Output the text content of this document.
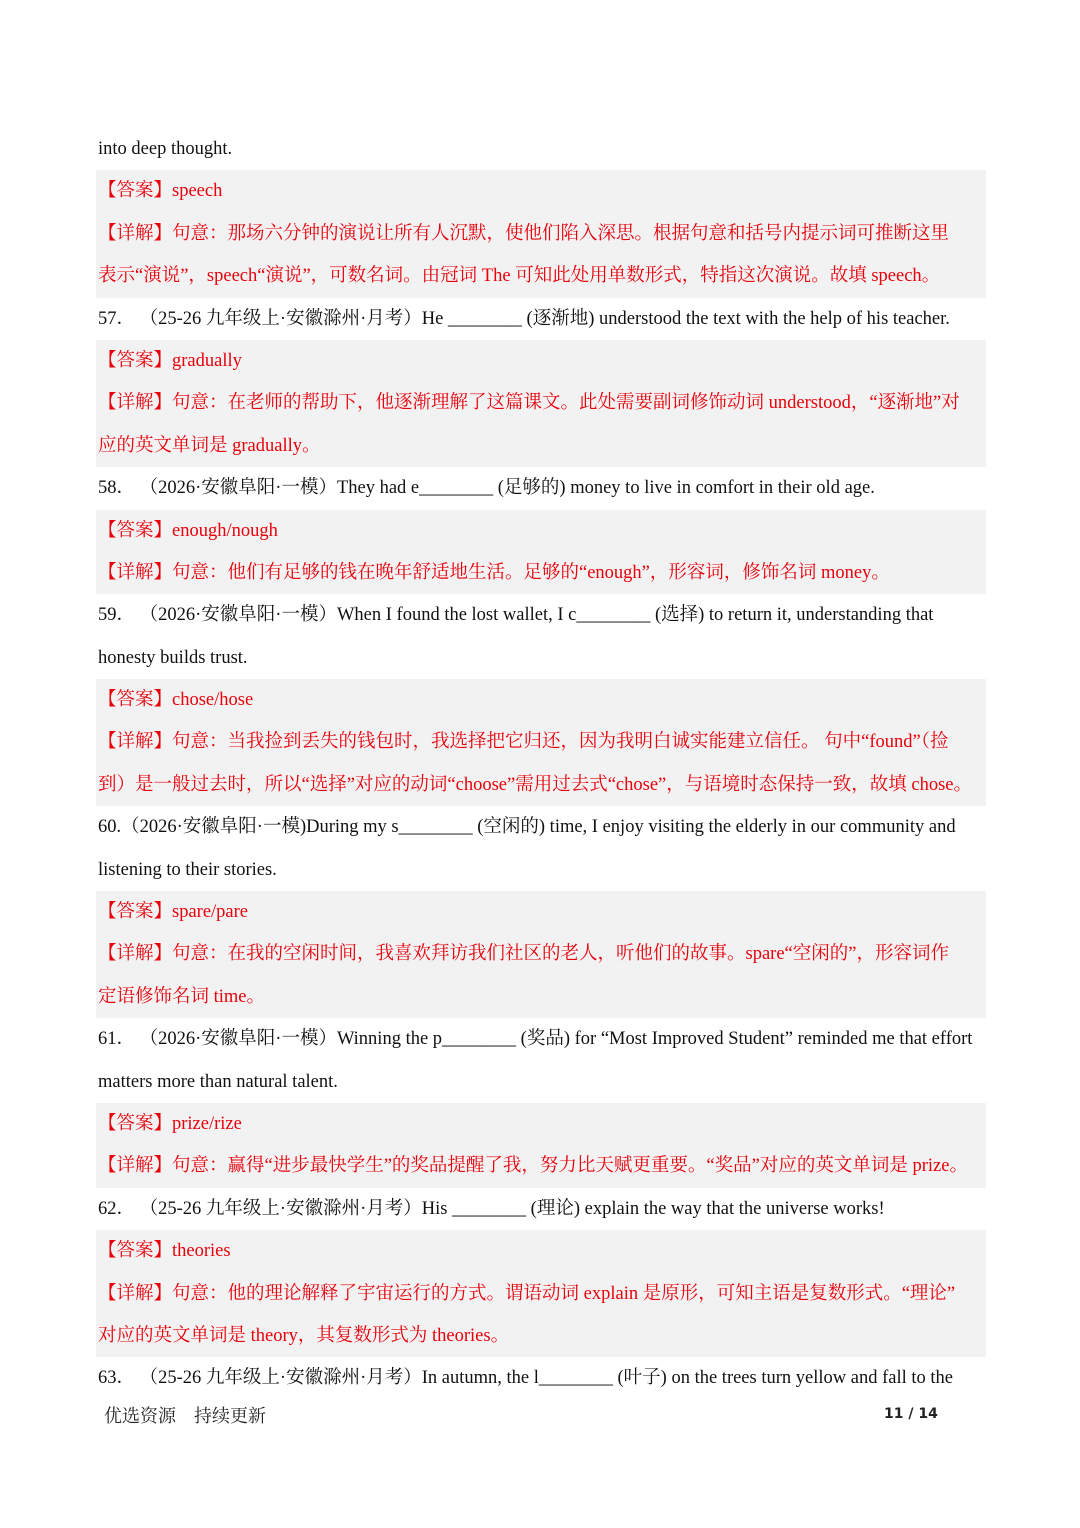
into deep thought.
【答案】speech
【详解】句意：那场六分钟的演说让所有人沉默，使他们陷入深思。根据句意和括号内提示词可推断这里
表示“演说”，speech“演说”，可数名词。由冠词 The 可知此处用单数形式，特指这次演说。故填 speech。
57． （25-26 九年级上·安徽滁州·月考）He ________ (逐渐地) understood the text with the help of his teacher.
【答案】gradually
【详解】句意：在老师的帮助下，他逐渐理解了这篇课文。此处需要副词修饰动词 understood，“逐渐地”对
应的英文单词是 gradually。
58． （2026·安徽阜阳·一模）They had e________ (足够的) money to live in comfort in their old age.
【答案】enough/nough
【详解】句意：他们有足够的钱在晚年舒适地生活。足够的“enough”，形容词，修饰名词 money。
59． （2026·安徽阜阳·一模）When I found the lost wallet, I c________ (选择) to return it, understanding that
honesty builds trust.
【答案】chose/hose
【详解】句意：当我捡到丢失的钱包时，我选择把它归还，因为我明白诚实能建立信任。 句中“found”（捡
到）是一般过去时，所以“选择”对应的动词“choose”需用过去式“chose”，与语境时态保持一致，故填 chose。
60.（2026·安徽阜阳·一模)During my s________ (空闲的) time, I enjoy visiting the elderly in our community and
listening to their stories.
【答案】spare/pare
【详解】句意：在我的空闲时间，我喜欢拜访我们社区的老人，听他们的故事。spare“空闲的”，形容词作
定语修饰名词 time。
61． （2026·安徽阜阳·一模）Winning the p________ (奖品) for “Most Improved Student” reminded me that effort
matters more than natural talent.
【答案】prize/rize
【详解】句意：赢得“进步最快学生”的奖品提醒了我，努力比天赋更重要。“奖品”对应的英文单词是 prize。
62． （25-26 九年级上·安徽滁州·月考）His ________ (理论) explain the way that the universe works!
【答案】theories
【详解】句意：他的理论解释了宇宙运行的方式。谓语动词 explain 是原形，可知主语是复数形式。“理论”
对应的英文单词是 theory，其复数形式为 theories。
63． （25-26 九年级上·安徽滁州·月考）In autumn, the l________ (叶子) on the trees turn yellow and fall to the
优选资源 持续更新	11 / 14
